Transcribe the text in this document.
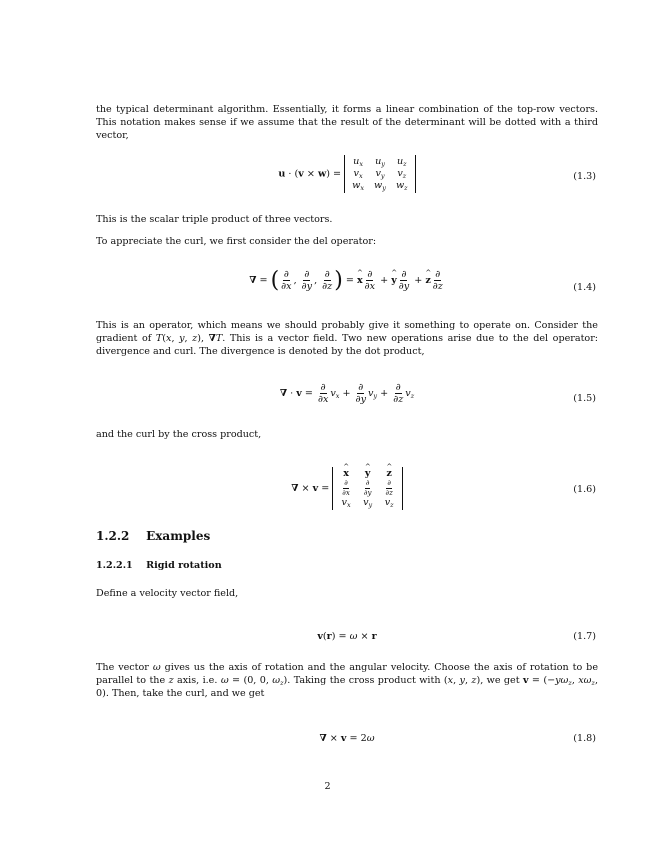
the typical determinant algorithm. Essentially, it forms a linear combination of the top-row vectors. This notation makes sense if we assume that the result of the determinant will be dotted with a third vector,

u · (v × w) =
$u_x$	$u_y$	$u_z$
$v_x$	$v_y$	$v_z$
$w_x$	$w_y$	$w_z$
(1.3)

This is the scalar triple product of three vectors.

To appreciate the curl, we first consider the del operator:

∇ = ( $\frac{\partial}{\partial x}$ , $\frac{\partial}{\partial y}$ , $\frac{\partial}{\partial z}$ ) = x ^ $\frac{\partial}{\partial x} + y$ ^ $\frac{\partial}{\partial y} + z$ ^ $\frac{\partial}{\partial z}$	(1.4)

This is an operator, which means we should probably give it something to operate on. Consider the gradient of T(x, y, z), ∇T. This is a vector field. Two new operations arise due to the del operator: divergence and curl. The divergence is denoted by the dot product,

∇ · $v = \frac{\partial}{\partial x} v_x + \frac{\partial}{\partial y} v_y + \frac{\partial}{\partial z} v_z$	(1.5)

and the curl by the cross product,

∇ × v =
x ^	y ^	z ^

$\frac{\partial}{\partial x}$	$\frac{\partial}{\partial y}$	$\frac{\partial}{\partial z}$

$v_x$	$v_y$	$v_z$
(1.6)
1.2.2 Examples
1.2.2.1 Rigid rotation

Define a velocity vector field,

v(r) = ω × r	(1.7)

The vector ω gives us the axis of rotation and the angular velocity. Choose the axis of rotation to be parallel to the z axis, i.e. ω = (0, 0, $\omega_z$). Taking the cross product with (x, y, z), we get $v = (-y\omega_z$, $x\omega_z$, 0). Then, take the curl, and we get

∇ × v = 2ω	(1.8)
2
